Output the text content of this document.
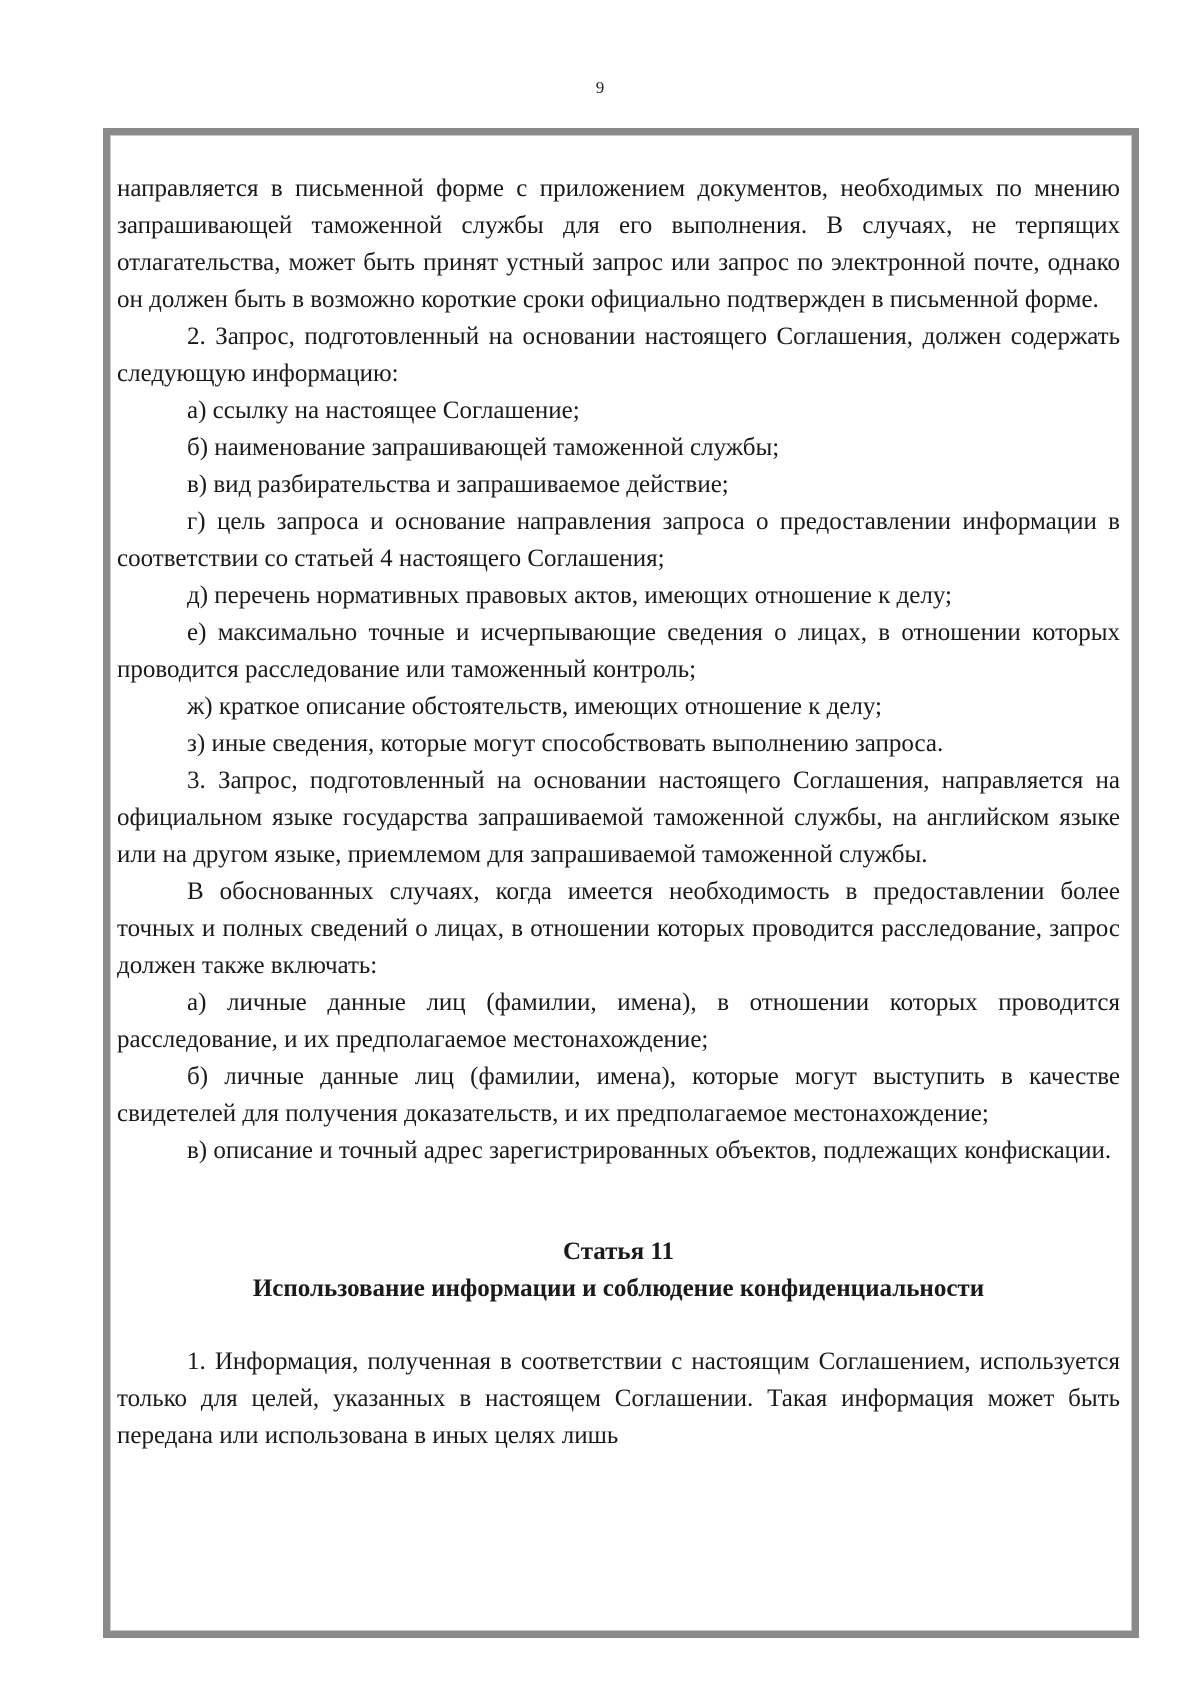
9

направляется в письменной форме с приложением документов, необходимых по мнению запрашивающей таможенной службы для его выполнения. В случаях, не терпящих отлагательства, может быть принят устный запрос или запрос по электронной почте, однако он должен быть в возможно короткие сроки официально подтвержден в письменной форме.

2. Запрос, подготовленный на основании настоящего Соглашения, должен содержать следующую информацию:

а) ссылку на настоящее Соглашение;

б) наименование запрашивающей таможенной службы;

в) вид разбирательства и запрашиваемое действие;

г) цель запроса и основание направления запроса о предоставлении информации в соответствии со статьей 4 настоящего Соглашения;

д) перечень нормативных правовых актов, имеющих отношение к делу;

е) максимально точные и исчерпывающие сведения о лицах, в отношении которых проводится расследование или таможенный контроль;

ж) краткое описание обстоятельств, имеющих отношение к делу;

з) иные сведения, которые могут способствовать выполнению запроса.

3. Запрос, подготовленный на основании настоящего Соглашения, направляется на официальном языке государства запрашиваемой таможенной службы, на английском языке или на другом языке, приемлемом для запрашиваемой таможенной службы.

В обоснованных случаях, когда имеется необходимость в предоставлении более точных и полных сведений о лицах, в отношении которых проводится расследование, запрос должен также включать:

а) личные данные лиц (фамилии, имена), в отношении которых проводится расследование, и их предполагаемое местонахождение;

б) личные данные лиц (фамилии, имена), которые могут выступить в качестве свидетелей для получения доказательств, и их предполагаемое местонахождение;

в) описание и точный адрес зарегистрированных объектов, подлежащих конфискации.

Статья 11
Использование информации и соблюдение конфиденциальности

1. Информация, полученная в соответствии с настоящим Соглашением, используется только для целей, указанных в настоящем Соглашении. Такая информация может быть передана или использована в иных целях лишь
